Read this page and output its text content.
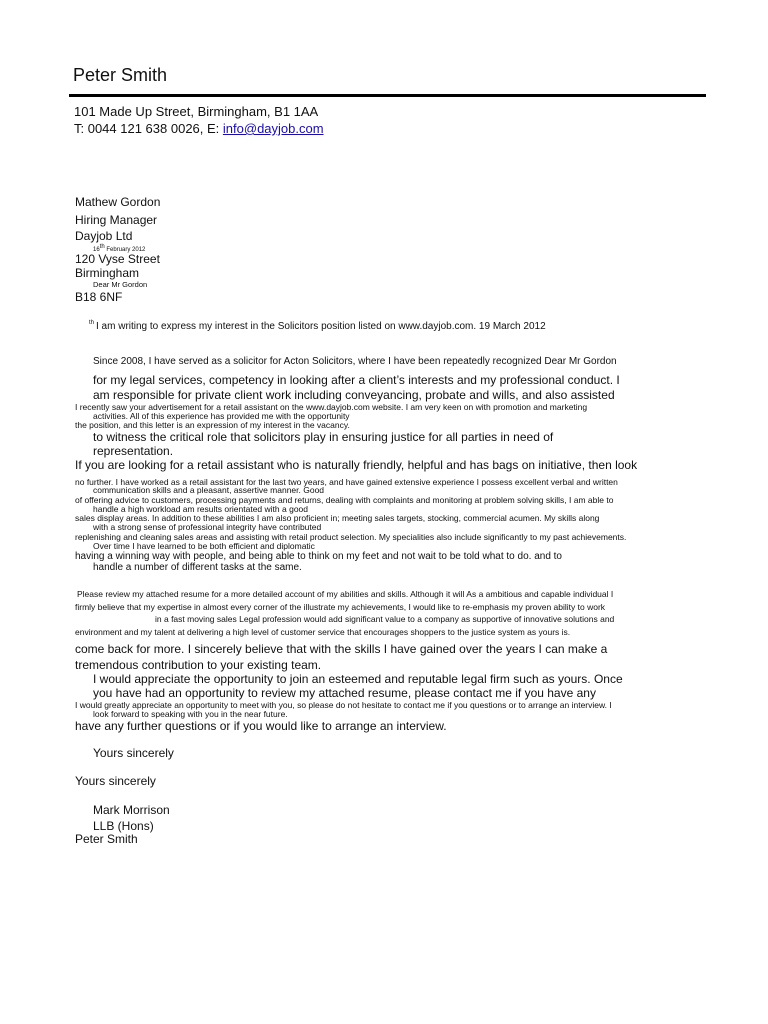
Peter Smith
101 Made Up Street, Birmingham, B1 1AA
T: 0044 121 638 0026, E: info@dayjob.com
Mathew Gordon
Hiring Manager
Dayjob Ltd
16th February 2012
120 Vyse Street
Birmingham
Dear Mr Gordon
B18 6NF
th I am writing to express my interest in the Solicitors position listed on www.dayjob.com. 19 March 2012
Since 2008, I have served as a solicitor for Acton Solicitors, where I have been repeatedly recognized Dear Mr Gordon
for my legal services, competency in looking after a client’s interests and my professional conduct. I
am responsible for private client work including conveyancing, probate and wills, and also assisted
I recently saw your advertisement for a retail assistant on the www.dayjob.com website. I am very keen on with promotion and marketing
activities. All of this experience has provided me with the opportunity
the position, and this letter is an expression of my interest in the vacancy.
to witness the critical role that solicitors play in ensuring justice for all parties in need of
representation.
If you are looking for a retail assistant who is naturally friendly, helpful and has bags on initiative, then look
no further. I have worked as a retail assistant for the last two years, and have gained extensive experience I possess excellent verbal and written
communication skills and a pleasant, assertive manner. Good
of offering advice to customers, processing payments and returns, dealing with complaints and monitoring at problem solving skills, I am able to
handle a high workload am results orientated with a good
sales display areas. In addition to these abilities I am also proficient in; meeting sales targets, stocking, commercial acumen. My skills along
with a strong sense of professional integrity have contributed
replenishing and cleaning sales areas and assisting with retail product selection. My specialities also include significantly to my past achievements.
Over time I have learned to be both efficient and diplomatic
having a winning way with people, and being able to think on my feet and not wait to be told what to do. and to
handle a number of different tasks at the same.
Please review my attached resume for a more detailed account of my abilities and skills. Although it will As a ambitious and capable individual I
firmly believe that my expertise in almost every corner of the illustrate my achievements, I would like to re-emphasis my proven ability to work
in a fast moving sales Legal profession would add significant value to a company as supportive of innovative solutions and
environment and my talent at delivering a high level of customer service that encourages shoppers to the justice system as yours is.
come back for more. I sincerely believe that with the skills I have gained over the years I can make a
tremendous contribution to your existing team.
I would appreciate the opportunity to join an esteemed and reputable legal firm such as yours. Once
you have had an opportunity to review my attached resume, please contact me if you have any
I would greatly appreciate an opportunity to meet with you, so please do not hesitate to contact me if you questions or to arrange an interview. I
look forward to speaking with you in the near future.
have any further questions or if you would like to arrange an interview.
Yours sincerely
Yours sincerely
Mark Morrison
LLB (Hons)
Peter Smith
